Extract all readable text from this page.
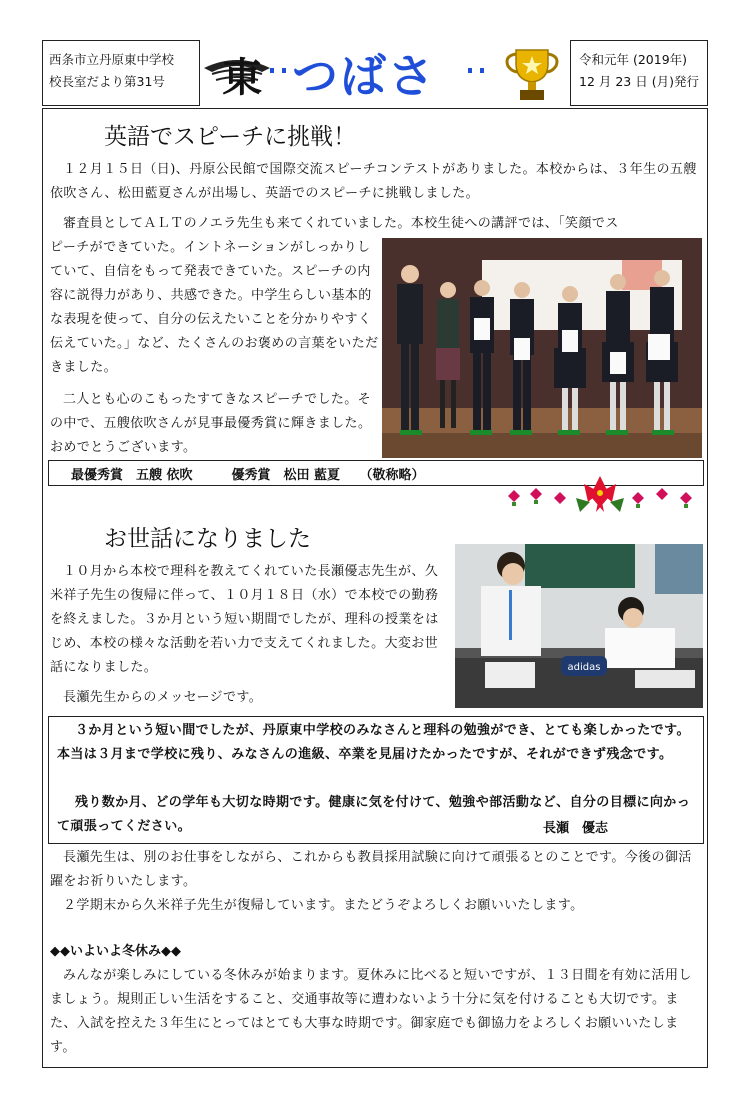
西条市立丹原東中学校
校長室だより第31号	東 つばさ	令和元年 (2019年)
12 月 23 日 (月)発行
英語でスピーチに挑戦！

１２月１５日（日)、丹原公民館で国際交流スピーチコンテストがありました。本校からは、３年生の五艘依吹さん、松田藍夏さんが出場し、英語でのスピーチに挑戦しました。

審査員としてＡＬＴのノエラ先生も来てくれていました。本校生徒への講評では、「笑顔でス

ピーチができていた。イントネーションがしっかりしていて、自信をもって発表できていた。スピーチの内容に説得力があり、共感できた。中学生らしい基本的な表現を使って、自分の伝えたいことを分かりやすく伝えていた。」など、たくさんのお褒めの言葉をいただきました。

二人とも心のこもったすてきなスピーチでした。その中で、五艘依吹さんが見事最優秀賞に輝きました。おめでとうございます。

最優秀賞　五艘 依吹　　　優秀賞　松田 藍夏　　（敬称略）
お世話になりました

１０月から本校で理科を教えてくれていた長瀬優志先生が、久米祥子先生の復帰に伴って、１０月１８日（水）で本校での勤務を終えました。３か月という短い期間でしたが、理科の授業をはじめ、本校の様々な活動を若い力で支えてくれました。大変お世話になりました。

長瀬先生からのメッセージです。

adidas

３か月という短い間でしたが、丹原東中学校のみなさんと理科の勉強ができ、とても楽しかったです。本当は３月まで学校に残り、みなさんの進級、卒業を見届けたかったですが、それができず残念です。

残り数か月、どの学年も大切な時期です。健康に気を付けて、勉強や部活動など、自分の目標に向かって頑張ってください。	長瀬　優志

長瀬先生は、別のお仕事をしながら、これからも教員採用試験に向けて頑張るとのことです。今後の御活躍をお祈りいたします。

２学期末から久米祥子先生が復帰しています。またどうぞよろしくお願いいたします。

◆◆いよいよ冬休み◆◆

みんなが楽しみにしている冬休みが始まります。夏休みに比べると短いですが、１３日間を有効に活用しましょう。規則正しい生活をすること、交通事故等に遭わないよう十分に気を付けることも大切です。また、入試を控えた３年生にとってはとても大事な時期です。御家庭でも御協力をよろしくお願いいたします。
